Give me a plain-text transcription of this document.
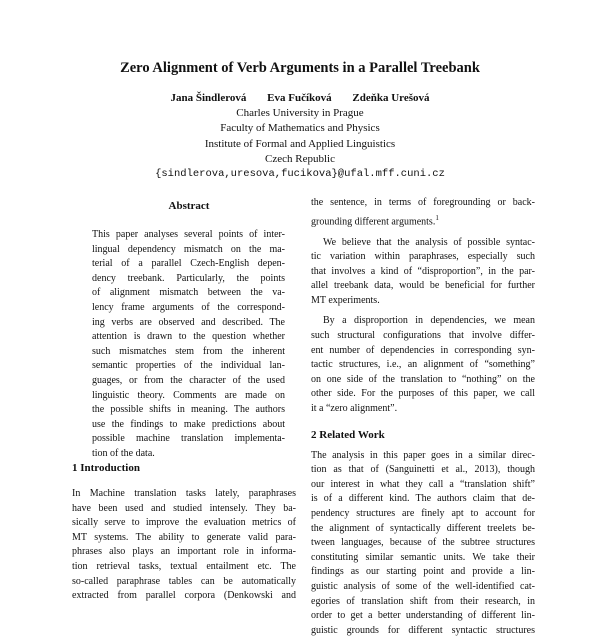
Zero Alignment of Verb Arguments in a Parallel Treebank
Jana Šindlerová Eva Fučíková Zdeňka Urešová
Charles University in Prague
Faculty of Mathematics and Physics
Institute of Formal and Applied Linguistics
Czech Republic
{sindlerova,uresova,fucikova}@ufal.mff.cuni.cz
Abstract
This paper analyses several points of inter-
lingual dependency mismatch on the ma-
terial of a parallel Czech-English depen-
dency treebank. Particularly, the points
of alignment mismatch between the va-
lency frame arguments of the correspond-
ing verbs are observed and described. The
attention is drawn to the question whether
such mismatches stem from the inherent
semantic properties of the individual lan-
guages, or from the character of the used
linguistic theory. Comments are made on
the possible shifts in meaning. The authors
use the findings to make predictions about
possible machine translation implementa-
tion of the data.
1 Introduction
In Machine translation tasks lately, paraphrases
have been used and studied intensely. They ba-
sically serve to improve the evaluation metrics of
MT systems. The ability to generate valid para-
phrases also plays an important role in informa-
tion retrieval tasks, textual entailment etc. The
so-called paraphrase tables can be automatically
extracted from parallel corpora (Denkowski and
the sentence, in terms of foregrounding or back-
grounding different arguments.$^1$
We believe that the analysis of possible syntac-
tic variation within paraphrases, especially such
that involves a kind of “disproportion”, in the par-
allel treebank data, would be beneficial for further
MT experiments.
By a disproportion in dependencies, we mean
such structural configurations that involve differ-
ent number of dependencies in corresponding syn-
tactic structures, i.e., an alignment of “something”
on one side of the translation to “nothing” on the
other side. For the purposes of this paper, we call
it a “zero alignment”.
2 Related Work
The analysis in this paper goes in a similar direc-
tion as that of (Sanguinetti et al., 2013), though
our interest in what they call a “translation shift”
is of a different kind. The authors claim that de-
pendency structures are finely apt to account for
the alignment of syntactically different treelets be-
tween languages, because of the subtree structures
constituting similar semantic units. We take their
findings as our starting point and provide a lin-
guistic analysis of some of the well-identified cat-
egories of translation shift from their research, in
order to get a better understanding of different lin-
guistic grounds for different syntactic structures
